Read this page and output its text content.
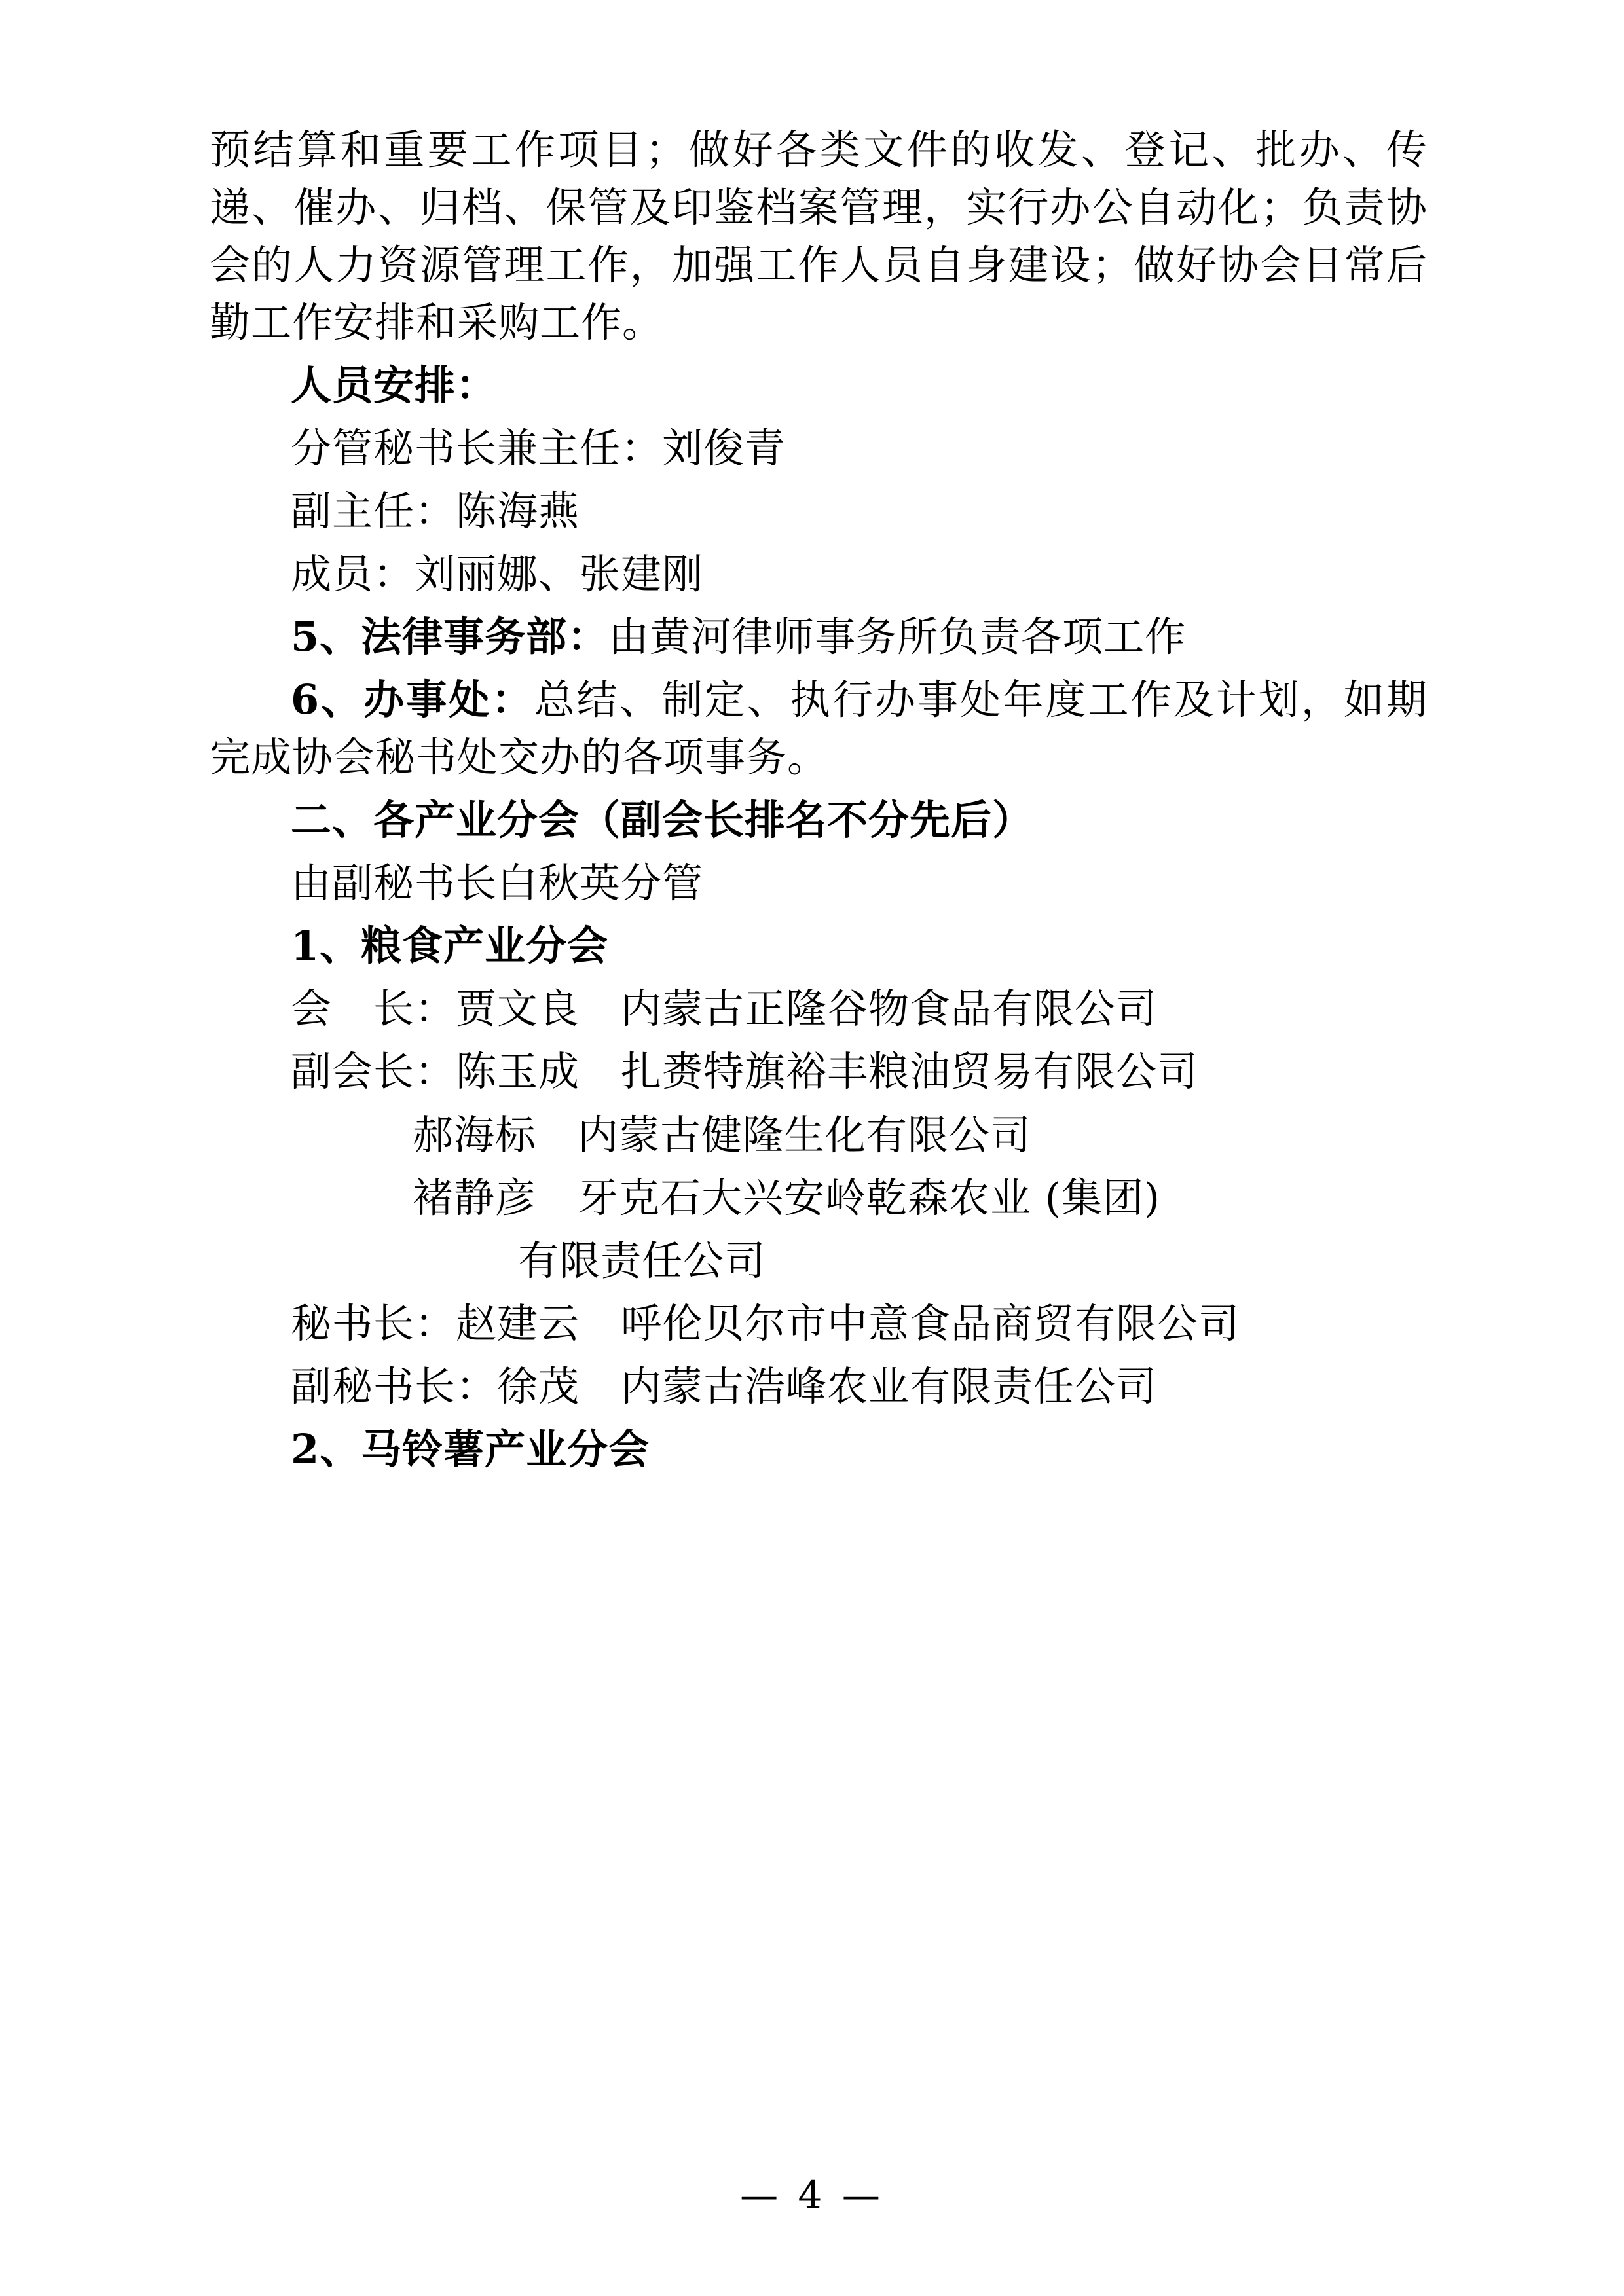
预结算和重要工作项目；做好各类文件的收发、登记、批办、传递、催办、归档、保管及印鉴档案管理，实行办公自动化；负责协会的人力资源管理工作，加强工作人员自身建设；做好协会日常后勤工作安排和采购工作。

人员安排：

分管秘书长兼主任：刘俊青

副主任：陈海燕

成员：刘丽娜、张建刚

5、法律事务部：由黄河律师事务所负责各项工作

6、办事处：总结、制定、执行办事处年度工作及计划，如期完成协会秘书处交办的各项事务。

二、各产业分会（副会长排名不分先后）

由副秘书长白秋英分管

1、粮食产业分会

会　长：贾文良　 内蒙古正隆谷物食品有限公司

副会长：陈玉成　 扎赉特旗裕丰粮油贸易有限公司

郝海标　 内蒙古健隆生化有限公司

褚静彦　 牙克石大兴安岭乾森农业 (集团)

有限责任公司

秘书长：赵建云　 呼伦贝尔市中意食品商贸有限公司

副秘书长：徐茂　 内蒙古浩峰农业有限责任公司

2、马铃薯产业分会

— 4 —
